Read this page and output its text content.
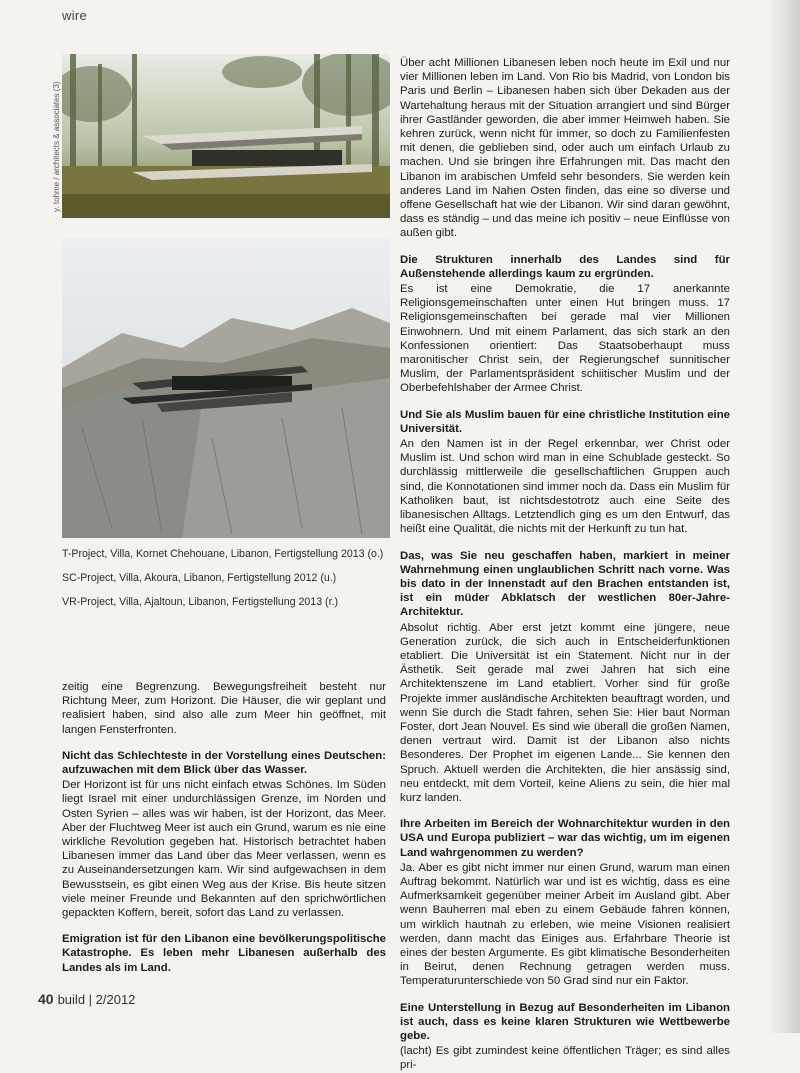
wire
y. tohme / architects & associates (3)

T-Project, Villa, Kornet Chehouane, Libanon, Fertigstellung 2013 (o.)

SC-Project, Villa, Akoura, Libanon, Fertigstellung 2012 (u.)

VR-Project, Villa, Ajaltoun, Libanon, Fertigstellung 2013 (r.)

zeitig eine Begrenzung. Bewegungsfreiheit besteht nur Richtung Meer, zum Horizont. Die Häuser, die wir geplant und realisiert haben, sind also alle zum Meer hin geöffnet, mit langen Fensterfronten.

Nicht das Schlechteste in der Vorstellung eines Deutschen: aufzuwachen mit dem Blick über das Wasser.

Der Horizont ist für uns nicht einfach etwas Schönes. Im Süden liegt Israel mit einer undurchlässigen Grenze, im Norden und Osten Syrien – alles was wir haben, ist der Horizont, das Meer. Aber der Fluchtweg Meer ist auch ein Grund, warum es nie eine wirkliche Revolution gegeben hat. Historisch betrachtet haben Libanesen immer das Land über das Meer verlassen, wenn es zu Auseinandersetzungen kam. Wir sind aufgewachsen in dem Bewusstsein, es gibt einen Weg aus der Krise. Bis heute sitzen viele meiner Freunde und Bekannten auf den sprichwörtlichen gepackten Koffern, bereit, sofort das Land zu verlassen.

Emigration ist für den Libanon eine bevölkerungspolitische Katastrophe. Es leben mehr Libanesen außerhalb des Landes als im Land.

Über acht Millionen Libanesen leben noch heute im Exil und nur vier Millionen leben im Land. Von Rio bis Madrid, von London bis Paris und Berlin – Libanesen haben sich über Dekaden aus der Wartehaltung heraus mit der Situation arrangiert und sind Bürger ihrer Gastländer geworden, die aber immer Heimweh haben. Sie kehren zurück, wenn nicht für immer, so doch zu Familienfesten mit denen, die geblieben sind, oder auch um einfach Urlaub zu machen. Und sie bringen ihre Erfahrungen mit. Das macht den Libanon im arabischen Umfeld sehr besonders. Sie werden kein anderes Land im Nahen Osten finden, das eine so diverse und offene Gesellschaft hat wie der Libanon. Wir sind daran gewöhnt, dass es ständig – und das meine ich positiv – neue Einflüsse von außen gibt.

Die Strukturen innerhalb des Landes sind für Außenstehende allerdings kaum zu ergründen.

Es ist eine Demokratie, die 17 anerkannte Religionsgemeinschaften unter einen Hut bringen muss. 17 Religionsgemeinschaften bei gerade mal vier Millionen Einwohnern. Und mit einem Parlament, das sich stark an den Konfessionen orientiert: Das Staatsoberhaupt muss maronitischer Christ sein, der Regierungschef sunnitischer Muslim, der Parlamentspräsident schiitischer Muslim und der Oberbefehlshaber der Armee Christ.

Und Sie als Muslim bauen für eine christliche Institution eine Universität.

An den Namen ist in der Regel erkennbar, wer Christ oder Muslim ist. Und schon wird man in eine Schublade gesteckt. So durchlässig mittlerweile die gesellschaftlichen Gruppen auch sind, die Konnotationen sind immer noch da. Dass ein Muslim für Katholiken baut, ist nichtsdestotrotz auch eine Seite des libanesischen Alltags. Letztendlich ging es um den Entwurf, das heißt eine Qualität, die nichts mit der Herkunft zu tun hat.

Das, was Sie neu geschaffen haben, markiert in meiner Wahrnehmung einen unglaublichen Schritt nach vorne. Was bis dato in der Innenstadt auf den Brachen entstanden ist, ist ein müder Abklatsch der westlichen 80er-Jahre-Architektur.

Absolut richtig. Aber erst jetzt kommt eine jüngere, neue Generation zurück, die sich auch in Entscheiderfunktionen etabliert. Die Universität ist ein Statement. Nicht nur in der Ästhetik. Seit gerade mal zwei Jahren hat sich eine Architektenszene im Land etabliert. Vorher sind für große Projekte immer ausländische Architekten beauftragt worden, und wenn Sie durch die Stadt fahren, sehen Sie: Hier baut Norman Foster, dort Jean Nouvel. Es sind wie überall die großen Namen, denen vertraut wird. Damit ist der Libanon also nichts Besonderes. Der Prophet im eigenen Lande... Sie kennen den Spruch. Aktuell werden die Architekten, die hier ansässig sind, neu entdeckt, mit dem Vorteil, keine Aliens zu sein, die hier mal kurz landen.

Ihre Arbeiten im Bereich der Wohnarchitektur wurden in den USA und Europa publiziert – war das wichtig, um im eigenen Land wahrgenommen zu werden?

Ja. Aber es gibt nicht immer nur einen Grund, warum man einen Auftrag bekommt. Natürlich war und ist es wichtig, dass es eine Aufmerksamkeit gegenüber meiner Arbeit im Ausland gibt. Aber wenn Bauherren mal eben zu einem Gebäude fahren können, um wirklich hautnah zu erleben, wie meine Visionen realisiert werden, dann macht das Einiges aus. Erfahrbare Theorie ist eines der besten Argumente. Es gibt klimatische Besonderheiten in Beirut, denen Rechnung getragen werden muss. Temperaturunterschiede von 50 Grad sind nur ein Faktor.

Eine Unterstellung in Bezug auf Besonderheiten im Libanon ist auch, dass es keine klaren Strukturen wie Wettbewerbe gebe.

(lacht) Es gibt zumindest keine öffentlichen Träger; es sind alles pri-

40 build | 2/2012
